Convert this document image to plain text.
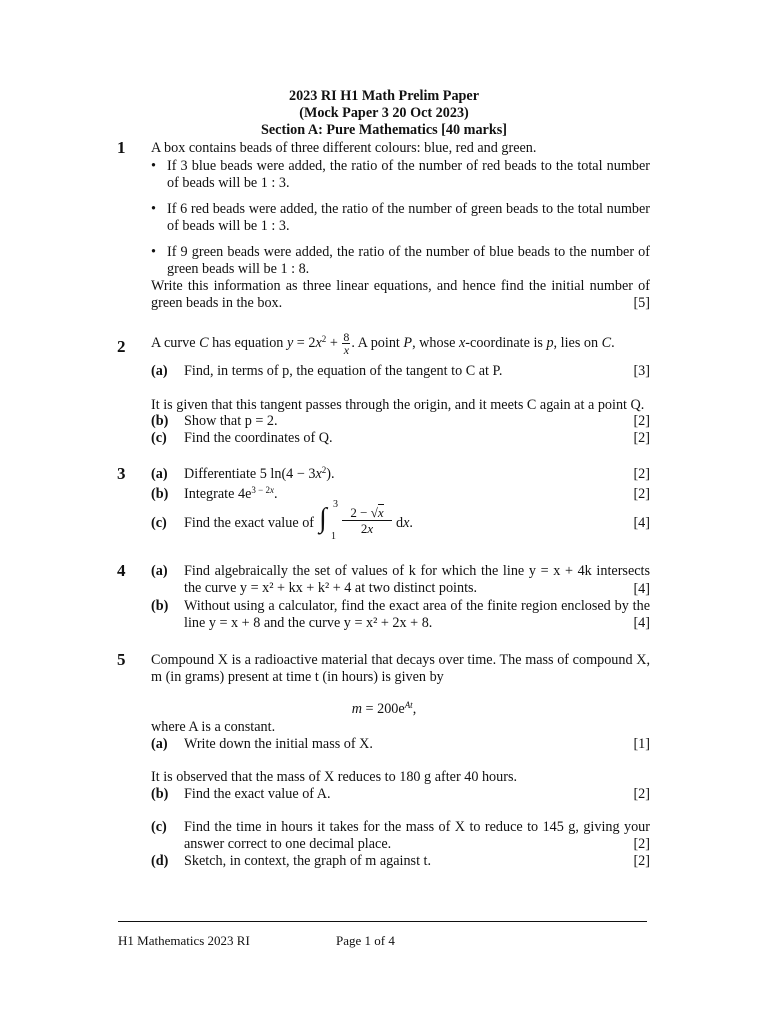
2023 RI H1 Math Prelim Paper
(Mock Paper 3 20 Oct 2023)
Section A: Pure Mathematics [40 marks]
1 A box contains beads of three different colours: blue, red and green.
• If 3 blue beads were added, the ratio of the number of red beads to the total number of beads will be 1 : 3.
• If 6 red beads were added, the ratio of the number of green beads to the total number of beads will be 1 : 3.
• If 9 green beads were added, the ratio of the number of blue beads to the number of green beads will be 1 : 8.
Write this information as three linear equations, and hence find the initial number of green beads in the box.	[5]
2 A curve C has equation $y = 2x^2 + \frac{8}{x}$ . A point P, whose x-coordinate is p, lies on C.
(a) Find, in terms of p, the equation of the tangent to C at P.	[3]
It is given that this tangent passes through the origin, and it meets C again at a point Q.
(b) Show that p = 2.	[2]
(c) Find the coordinates of Q.	[2]
3 (a) Differentiate 5 $\ln(4 - 3x^2)$.	[2]
(b) Integrate $4e^{3 - 2x}$.	[2]
(c) Find the exact value of ∫ 3
1
2 − √x
2x	dx.	[4]
4 (a) Find algebraically the set of values of k for which the line y = x + 4k intersects the curve y = x² + kx + k² + 4 at two distinct points.	[4]
(b) Without using a calculator, find the exact area of the finite region enclosed by the line y = x + 8 and the curve y = x² + 2x + 8.	[4]
5 Compound X is a radioactive material that decays over time. The mass of compound X, m (in grams) present at time t (in hours) is given by
$m = 200e^{At}$,
where A is a constant.
(a) Write down the initial mass of X.	[1]
It is observed that the mass of X reduces to 180 g after 40 hours.
(b) Find the exact value of A.	[2]
(c) Find the time in hours it takes for the mass of X to reduce to 145 g, giving your answer correct to one decimal place.	[2]
(d) Sketch, in context, the graph of m against t.	[2]
H1 Mathematics 2023 RI	Page 1 of 4
